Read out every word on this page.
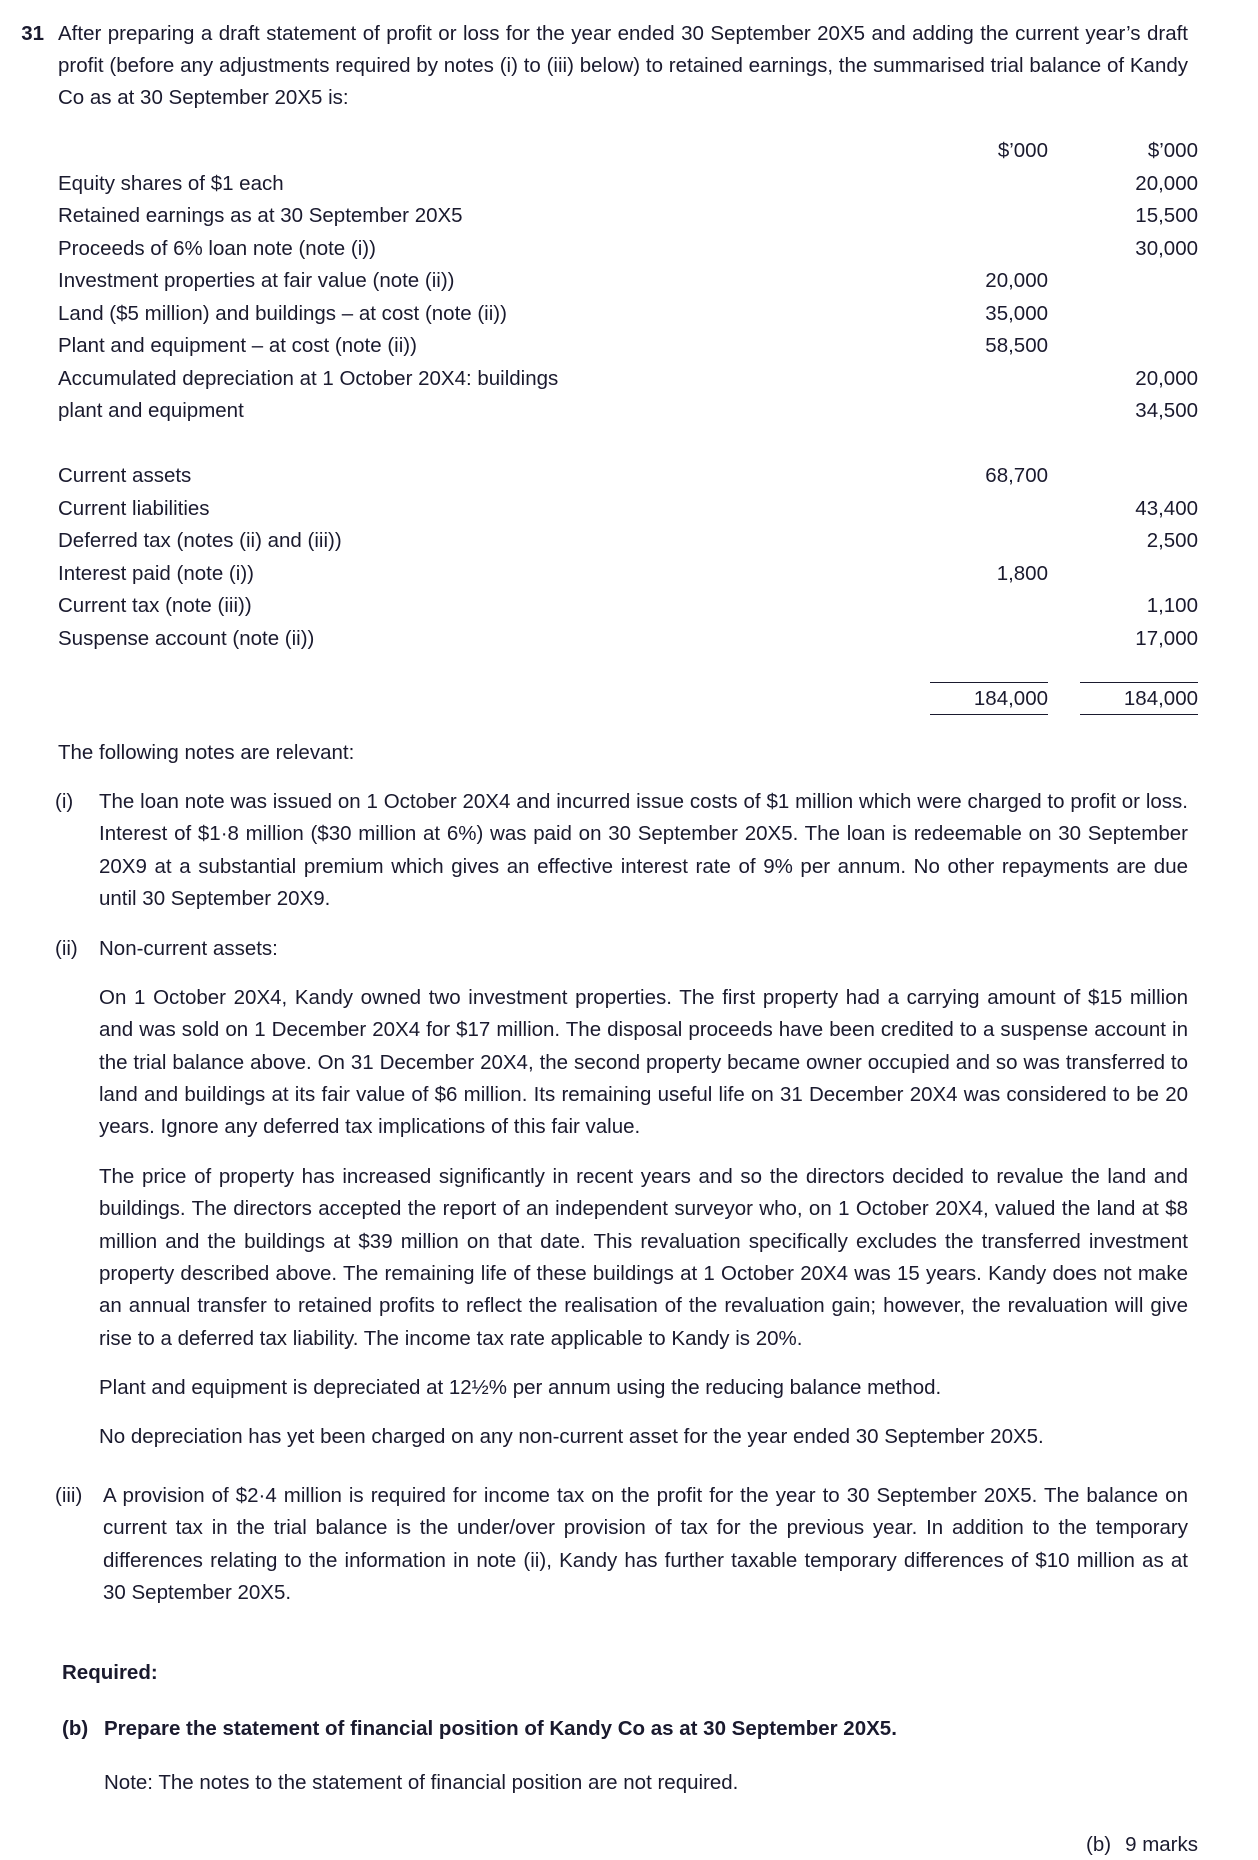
31 After preparing a draft statement of profit or loss for the year ended 30 September 20X5 and adding the current year’s draft profit (before any adjustments required by notes (i) to (iii) below) to retained earnings, the summarised trial balance of Kandy Co as at 30 September 20X5 is:
	$’000	$’000
Equity shares of $1 each		20,000
Retained earnings as at 30 September 20X5		15,500
Proceeds of 6% loan note (note (i))		30,000
Investment properties at fair value (note (ii))	20,000	
Land ($5 million) and buildings – at cost (note (ii))	35,000	
Plant and equipment – at cost (note (ii))	58,500	
Accumulated depreciation at 1 October 20X4: buildings		20,000
plant and equipment		34,500

Current assets	68,700	
Current liabilities		43,400
Deferred tax (notes (ii) and (iii))		2,500
Interest paid (note (i))	1,800	
Current tax (note (iii))		1,100
Suspense account (note (ii))		17,000

184,000	184,000
The following notes are relevant:
(i)	The loan note was issued on 1 October 20X4 and incurred issue costs of $1 million which were charged to profit or loss. Interest of $1·8 million ($30 million at 6%) was paid on 30 September 20X5. The loan is redeemable on 30 September 20X9 at a substantial premium which gives an effective interest rate of 9% per annum. No other repayments are due until 30 September 20X9.
(ii)	Non-current assets:
On 1 October 20X4, Kandy owned two investment properties. The first property had a carrying amount of $15 million and was sold on 1 December 20X4 for $17 million. The disposal proceeds have been credited to a suspense account in the trial balance above. On 31 December 20X4, the second property became owner occupied and so was transferred to land and buildings at its fair value of $6 million. Its remaining useful life on 31 December 20X4 was considered to be 20 years. Ignore any deferred tax implications of this fair value.
The price of property has increased significantly in recent years and so the directors decided to revalue the land and buildings. The directors accepted the report of an independent surveyor who, on 1 October 20X4, valued the land at $8 million and the buildings at $39 million on that date. This revaluation specifically excludes the transferred investment property described above. The remaining life of these buildings at 1 October 20X4 was 15 years. Kandy does not make an annual transfer to retained profits to reflect the realisation of the revaluation gain; however, the revaluation will give rise to a deferred tax liability. The income tax rate applicable to Kandy is 20%.
Plant and equipment is depreciated at 12½% per annum using the reducing balance method.
No depreciation has yet been charged on any non-current asset for the year ended 30 September 20X5.
(iii)	A provision of $2·4 million is required for income tax on the profit for the year to 30 September 20X5. The balance on current tax in the trial balance is the under/over provision of tax for the previous year. In addition to the temporary differences relating to the information in note (ii), Kandy has further taxable temporary differences of $10 million as at 30 September 20X5.
Required:
(b) Prepare the statement of financial position of Kandy Co as at 30 September 20X5.
Note: The notes to the statement of financial position are not required.
(b) 9 marks
